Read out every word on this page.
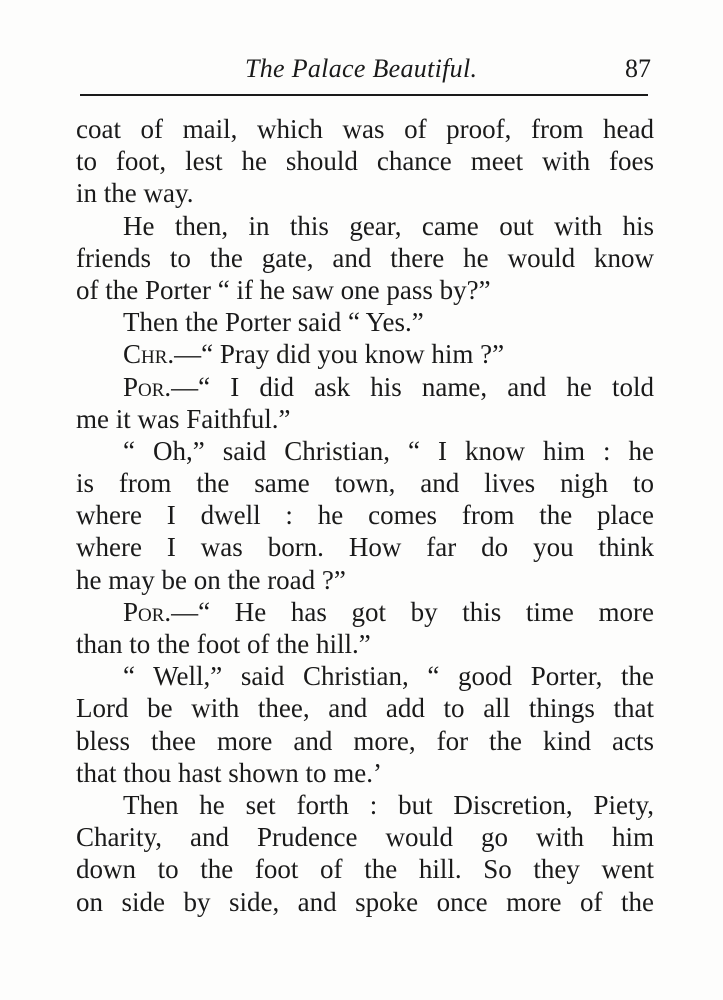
The Palace Beautiful.	87
coat of mail, which was of proof, from head
to foot, lest he should chance meet with foes
in the way.
He then, in this gear, came out with his
friends to the gate, and there he would know
of the Porter “ if he saw one pass by?”
Then the Porter said “ Yes.”
Chr.—“ Pray did you know him ?”
Por.—“ I did ask his name, and he told
me it was Faithful.”
“ Oh,” said Christian, “ I know him : he
is from the same town, and lives nigh to
where I dwell : he comes from the place
where I was born. How far do you think
he may be on the road ?”
Por.—“ He has got by this time more
than to the foot of the hill.”
“ Well,” said Christian, “ good Porter, the
Lord be with thee, and add to all things that
bless thee more and more, for the kind acts
that thou hast shown to me.’
Then he set forth : but Discretion, Piety,
Charity, and Prudence would go with him
down to the foot of the hill. So they went
on side by side, and spoke once more of the
